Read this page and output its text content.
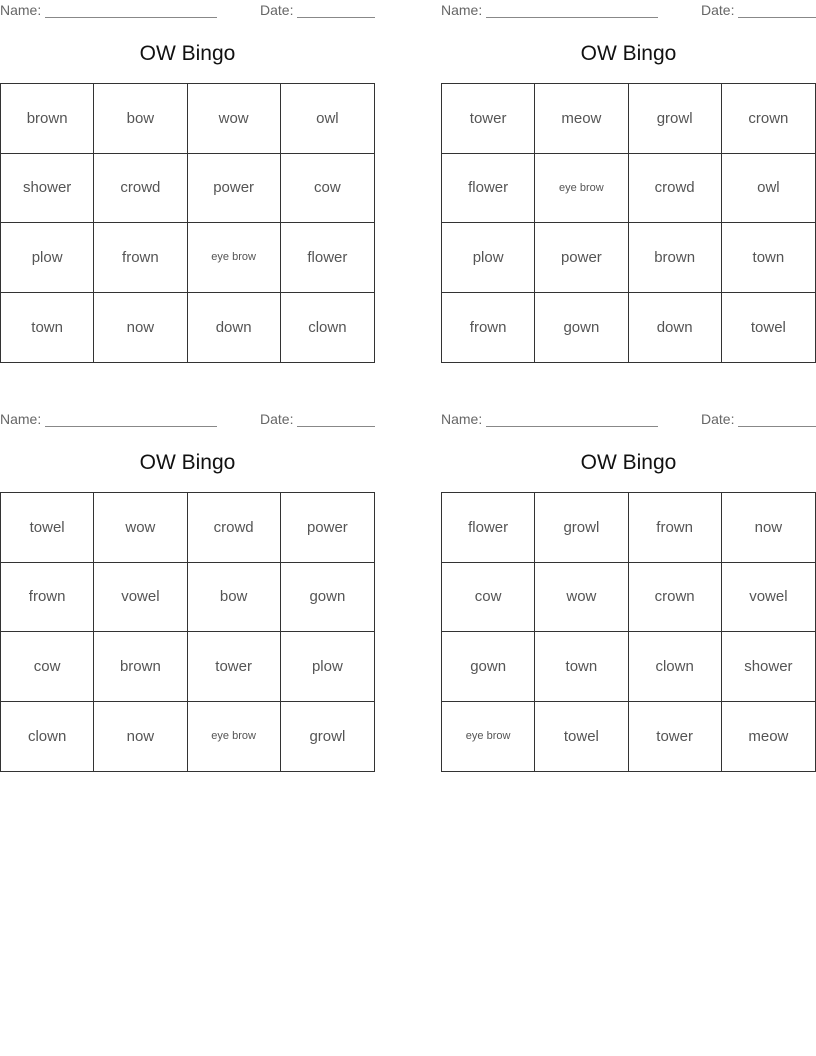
Name:	Date:
OW Bingo
brown	bow	wow	owl
shower	crowd	power	cow
plow	frown	eye brow	flower
town	now	down	clown
Name:	Date:
OW Bingo
tower	meow	growl	crown
flower	eye brow	crowd	owl
plow	power	brown	town
frown	gown	down	towel
Name:	Date:
OW Bingo
towel	wow	crowd	power
frown	vowel	bow	gown
cow	brown	tower	plow
clown	now	eye brow	growl
Name:	Date:
OW Bingo
flower	growl	frown	now
cow	wow	crown	vowel
gown	town	clown	shower
eye brow	towel	tower	meow
